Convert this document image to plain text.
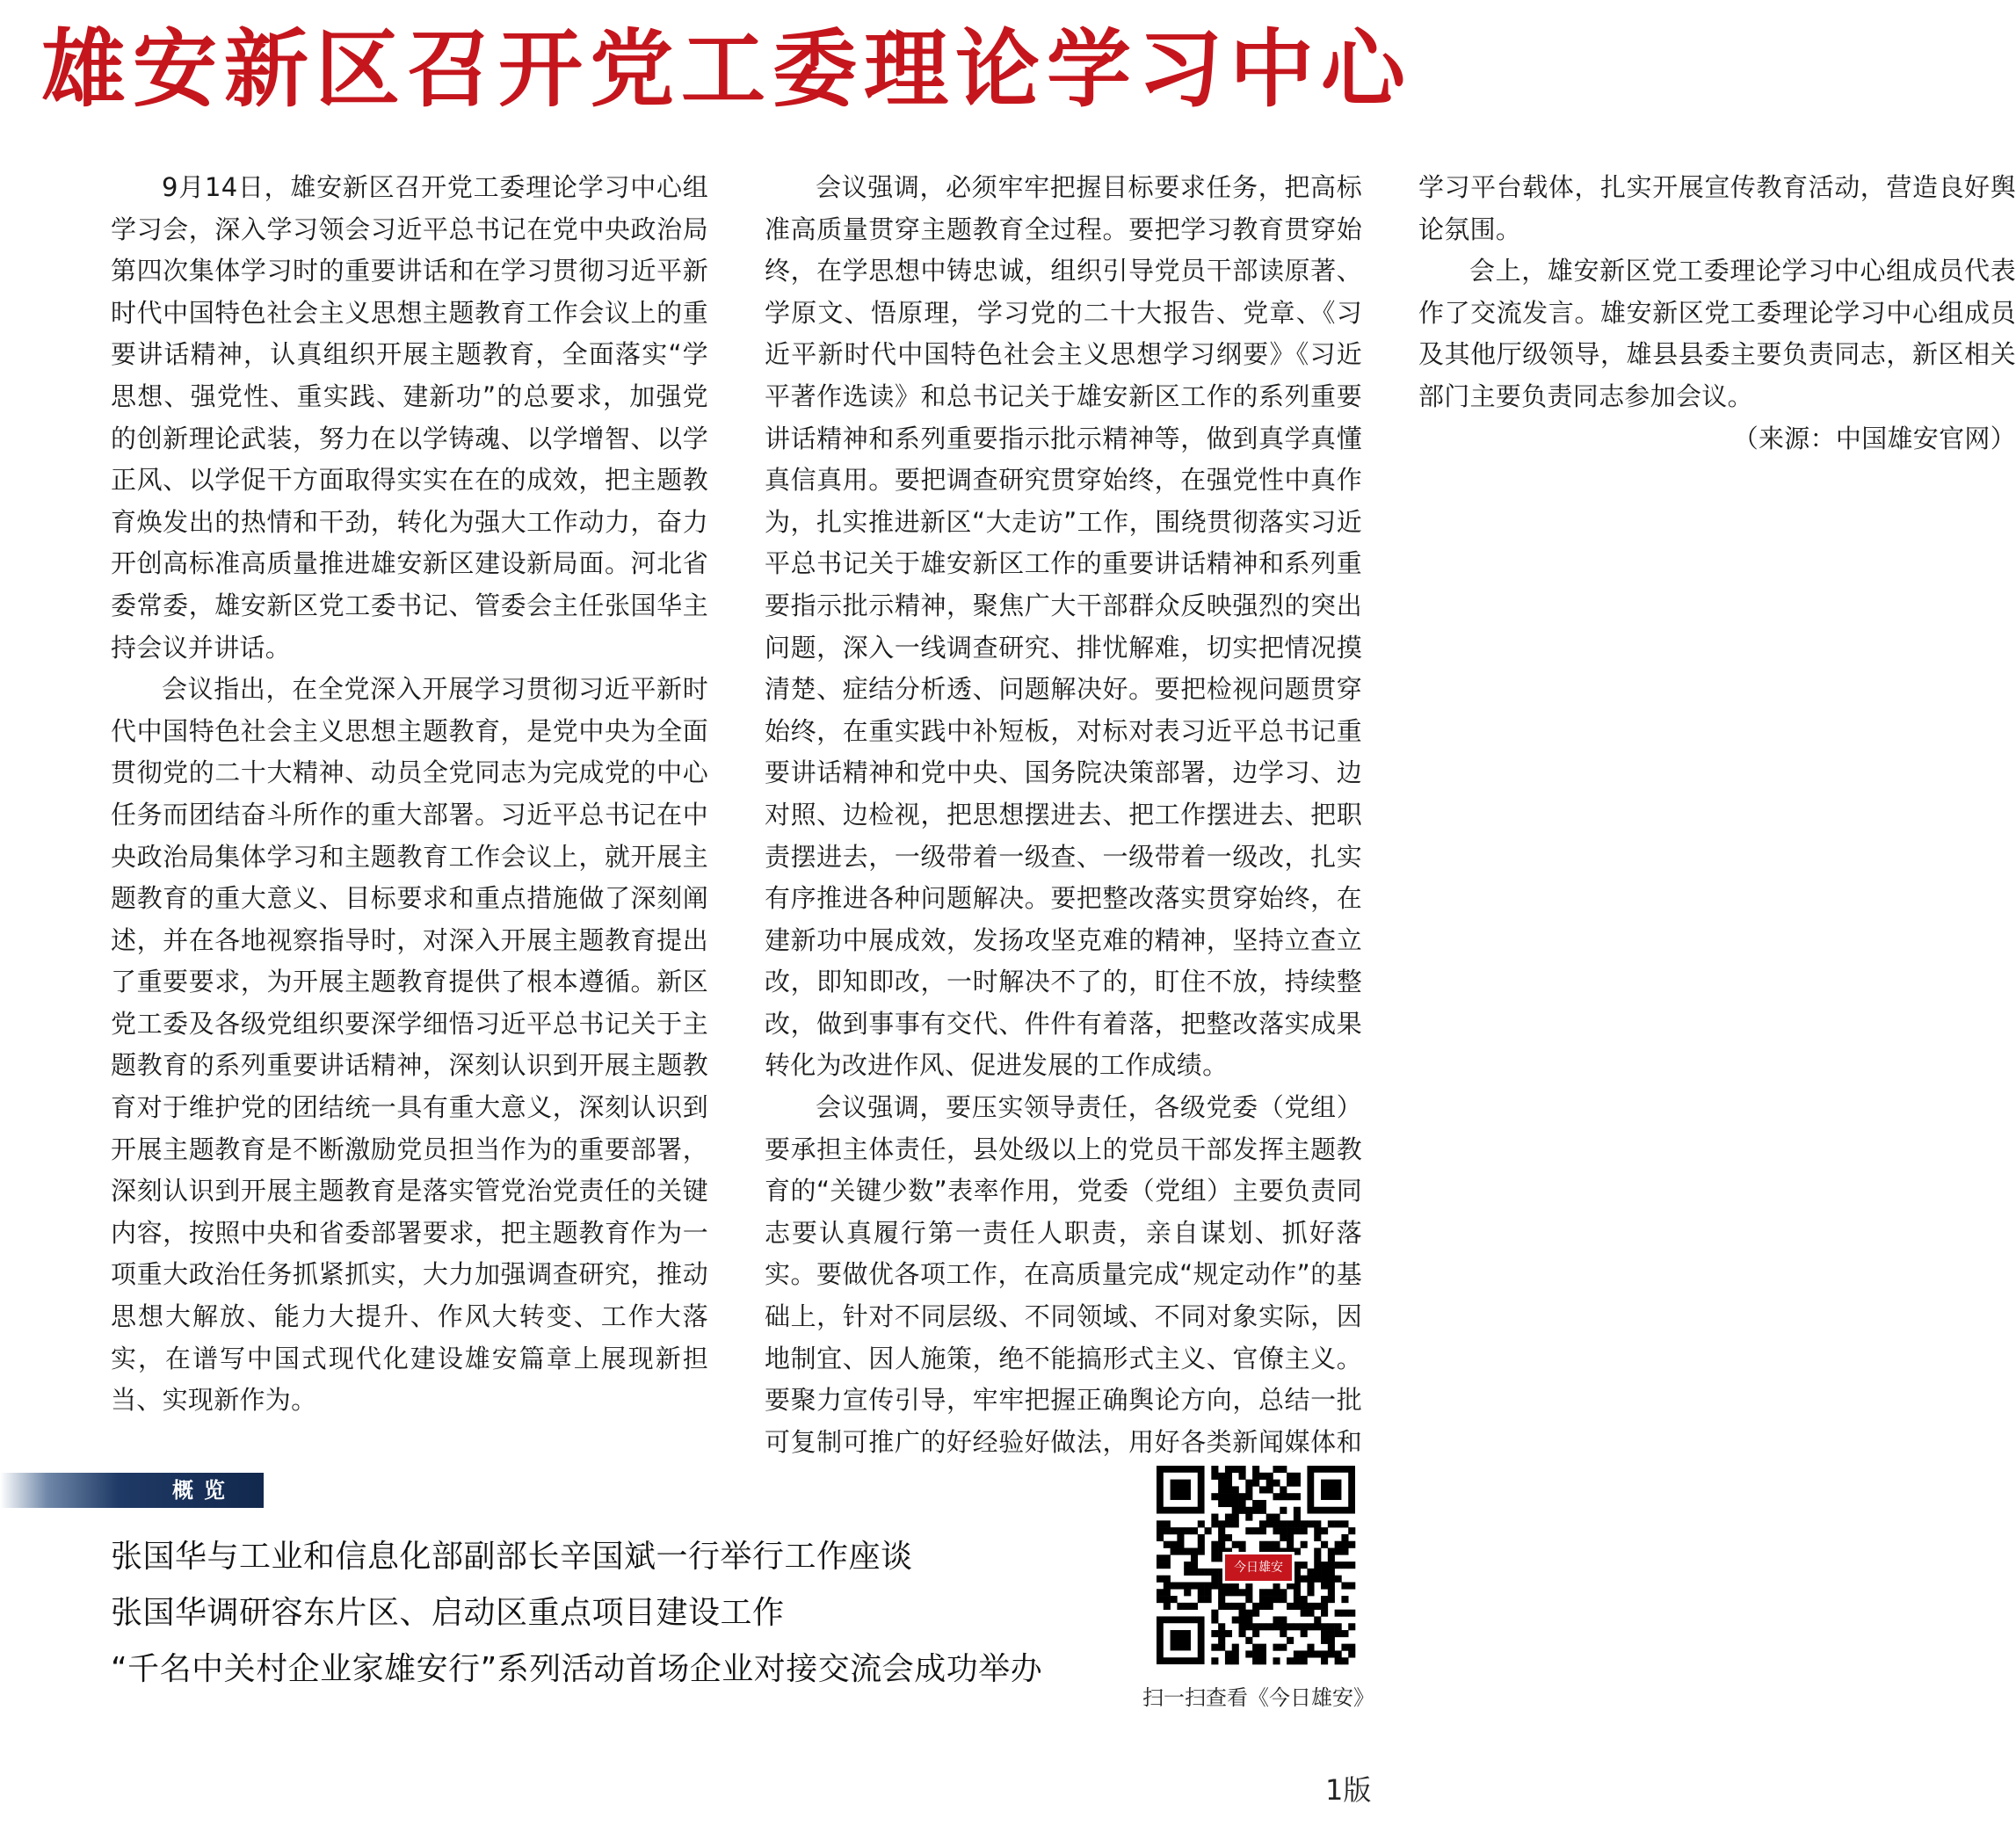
雄安新区召开党工委理论学习中心

9月14日，雄安新区召开党工委理论学习中心组学习会，深入学习领会习近平总书记在党中央政治局第四次集体学习时的重要讲话和在学习贯彻习近平新时代中国特色社会主义思想主题教育工作会议上的重要讲话精神，认真组织开展主题教育，全面落实“学思想、强党性、重实践、建新功”的总要求，加强党的创新理论武装，努力在以学铸魂、以学增智、以学正风、以学促干方面取得实实在在的成效，把主题教育焕发出的热情和干劲，转化为强大工作动力，奋力开创高标准高质量推进雄安新区建设新局面。河北省委常委，雄安新区党工委书记、管委会主任张国华主持会议并讲话。

会议指出，在全党深入开展学习贯彻习近平新时代中国特色社会主义思想主题教育，是党中央为全面贯彻党的二十大精神、动员全党同志为完成党的中心任务而团结奋斗所作的重大部署。习近平总书记在中央政治局集体学习和主题教育工作会议上，就开展主题教育的重大意义、目标要求和重点措施做了深刻阐述，并在各地视察指导时，对深入开展主题教育提出了重要要求，为开展主题教育提供了根本遵循。新区党工委及各级党组织要深学细悟习近平总书记关于主题教育的系列重要讲话精神，深刻认识到开展主题教育对于维护党的团结统一具有重大意义，深刻认识到开展主题教育是不断激励党员担当作为的重要部署，深刻认识到开展主题教育是落实管党治党责任的关键内容，按照中央和省委部署要求，把主题教育作为一项重大政治任务抓紧抓实，大力加强调查研究，推动思想大解放、能力大提升、作风大转变、工作大落实，在谱写中国式现代化建设雄安篇章上展现新担当、实现新作为。

会议强调，必须牢牢把握目标要求任务，把高标准高质量贯穿主题教育全过程。要把学习教育贯穿始终，在学思想中铸忠诚，组织引导党员干部读原著、学原文、悟原理，学习党的二十大报告、党章、《习近平新时代中国特色社会主义思想学习纲要》《习近平著作选读》和总书记关于雄安新区工作的系列重要讲话精神和系列重要指示批示精神等，做到真学真懂真信真用。要把调查研究贯穿始终，在强党性中真作为，扎实推进新区“大走访”工作，围绕贯彻落实习近平总书记关于雄安新区工作的重要讲话精神和系列重要指示批示精神，聚焦广大干部群众反映强烈的突出问题，深入一线调查研究、排忧解难，切实把情况摸清楚、症结分析透、问题解决好。要把检视问题贯穿始终，在重实践中补短板，对标对表习近平总书记重要讲话精神和党中央、国务院决策部署，边学习、边对照、边检视，把思想摆进去、把工作摆进去、把职责摆进去，一级带着一级查、一级带着一级改，扎实有序推进各种问题解决。要把整改落实贯穿始终，在建新功中展成效，发扬攻坚克难的精神，坚持立查立改，即知即改，一时解决不了的，盯住不放，持续整改，做到事事有交代、件件有着落，把整改落实成果转化为改进作风、促进发展的工作成绩。

会议强调，要压实领导责任，各级党委（党组）要承担主体责任，县处级以上的党员干部发挥主题教育的“关键少数”表率作用，党委（党组）主要负责同志要认真履行第一责任人职责，亲自谋划、抓好落实。要做优各项工作，在高质量完成“规定动作”的基础上，针对不同层级、不同领域、不同对象实际，因地制宜、因人施策，绝不能搞形式主义、官僚主义。要聚力宣传引导，牢牢把握正确舆论方向，总结一批可复制可推广的好经验好做法，用好各类新闻媒体和学习平台载体，扎实开展宣传教育活动，营造良好舆论氛围。

会上，雄安新区党工委理论学习中心组成员代表作了交流发言。雄安新区党工委理论学习中心组成员及其他厅级领导，雄县县委主要负责同志，新区相关部门主要负责同志参加会议。

（来源：中国雄安官网）

概览
张国华与工业和信息化部副部长辛国斌一行举行工作座谈
张国华调研容东片区、启动区重点项目建设工作
“千名中关村企业家雄安行”系列活动首场企业对接交流会成功举办
今日雄安
扫一扫查看《今日雄安》
1版
